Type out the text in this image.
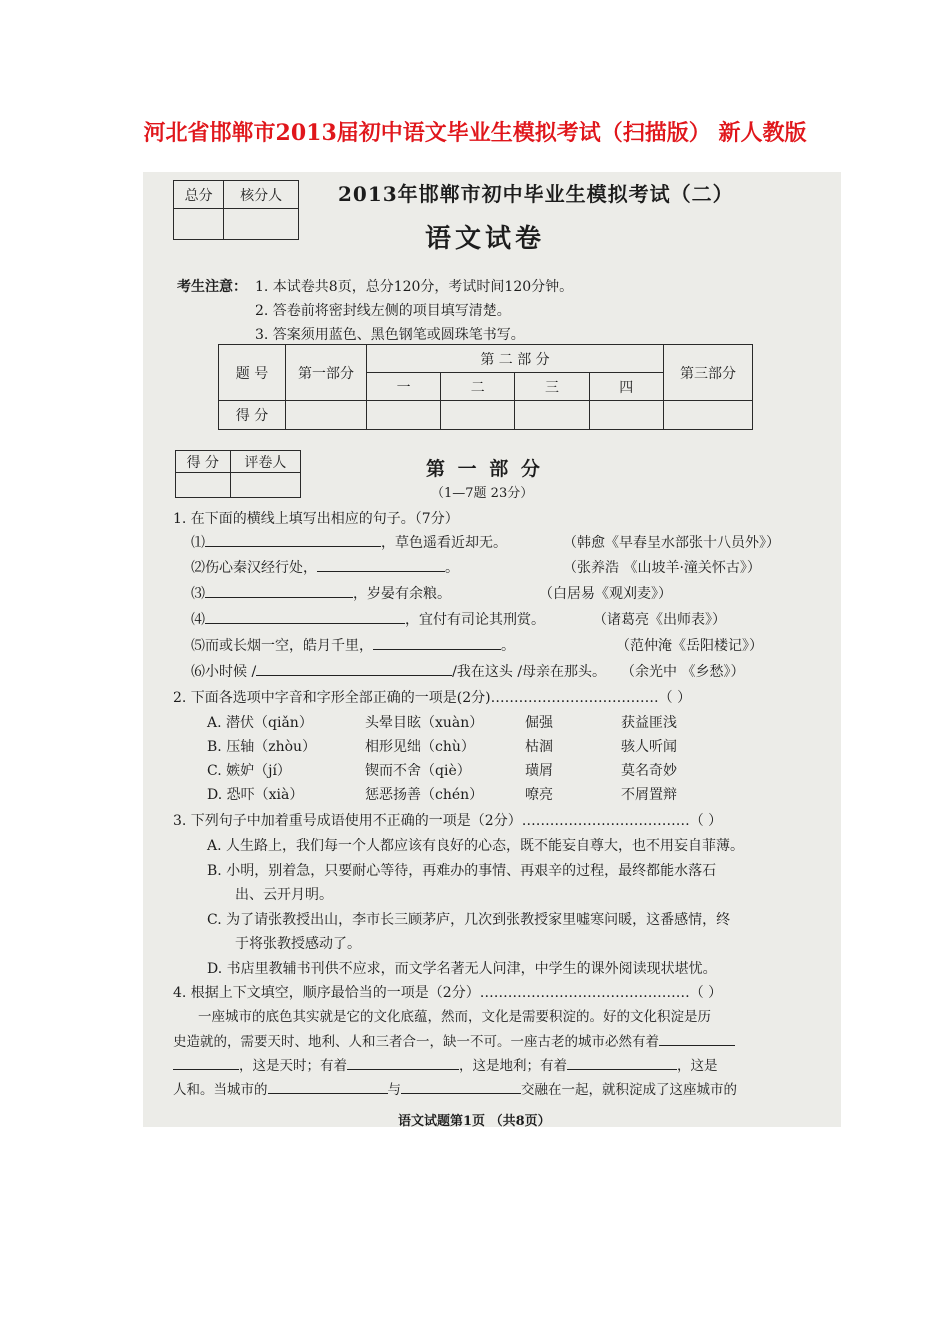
河北省邯郸市2013届初中语文毕业生模拟考试（扫描版） 新人教版
总分	核分人
		2013年邯郸市初中毕业生模拟考试（二）
语文试卷
考生注意： 1. 本试卷共8页，总分120分，考试时间120分钟。
2. 答卷前将密封线左侧的项目填写清楚。
3. 答案须用蓝色、黑色钢笔或圆珠笔书写。
题 号	第一部分	第 二 部 分				第三部分
		一	二	三	四	
得 分						
得 分	评卷人
		第 一 部 分
（1—7题 23分）
1. 在下面的横线上填写出相应的句子。（7分）
⑴	，草色遥看近却无。	（韩愈《早春呈水部张十八员外》）
⑵伤心秦汉经行处，	。	（张养浩 《山坡羊·潼关怀古》）
⑶	，岁晏有余粮。	（白居易《观刈麦》）
⑷	，宜付有司论其刑赏。	（诸葛亮《出师表》）
⑸而或长烟一空，皓月千里，	。	（范仲淹《岳阳楼记》）
⑹小时候 /	/我在这头 /母亲在那头。 （余光中 《乡愁》）
2. 下面各选项中字音和字形全部正确的一项是(2分)………………………………（ ）
A. 潜伏（qiǎn）	头晕目眩（xuàn）	倔强	获益匪浅
B. 压轴（zhòu）	相形见绌（chù）	枯涸	骇人听闻
C. 嫉妒（jí）	锲而不舍（qiè）	璜屑	莫名奇妙
D. 恐吓（xià）	惩恶扬善（chén）	嘹亮	不屑置辩
3. 下列句子中加着重号成语使用不正确的一项是（2分）………………………………（ ）
A. 人生路上，我们每一个人都应该有良好的心态，既不能妄自尊大，也不用妄自菲薄。
B. 小明，别着急，只要耐心等待，再难办的事情、再艰辛的过程，最终都能水落石
出、云开月明。
C. 为了请张教授出山，李市长三顾茅庐，几次到张教授家里嘘寒问暖，这番感情，终
于将张教授感动了。
D. 书店里教辅书刊供不应求，而文学名著无人问津，中学生的课外阅读现状堪忧。
4. 根据上下文填空，顺序最恰当的一项是（2分）………………………………………（ ）
一座城市的底色其实就是它的文化底蕴，然而，文化是需要积淀的。好的文化积淀是历
史造就的，需要天时、地利、人和三者合一，缺一不可。一座古老的城市必然有着
，这是天时；有着	，这是地利；有着	，这是
人和。当城市的	与	交融在一起，就积淀成了这座城市的
语文试题第1页 （共8页）
